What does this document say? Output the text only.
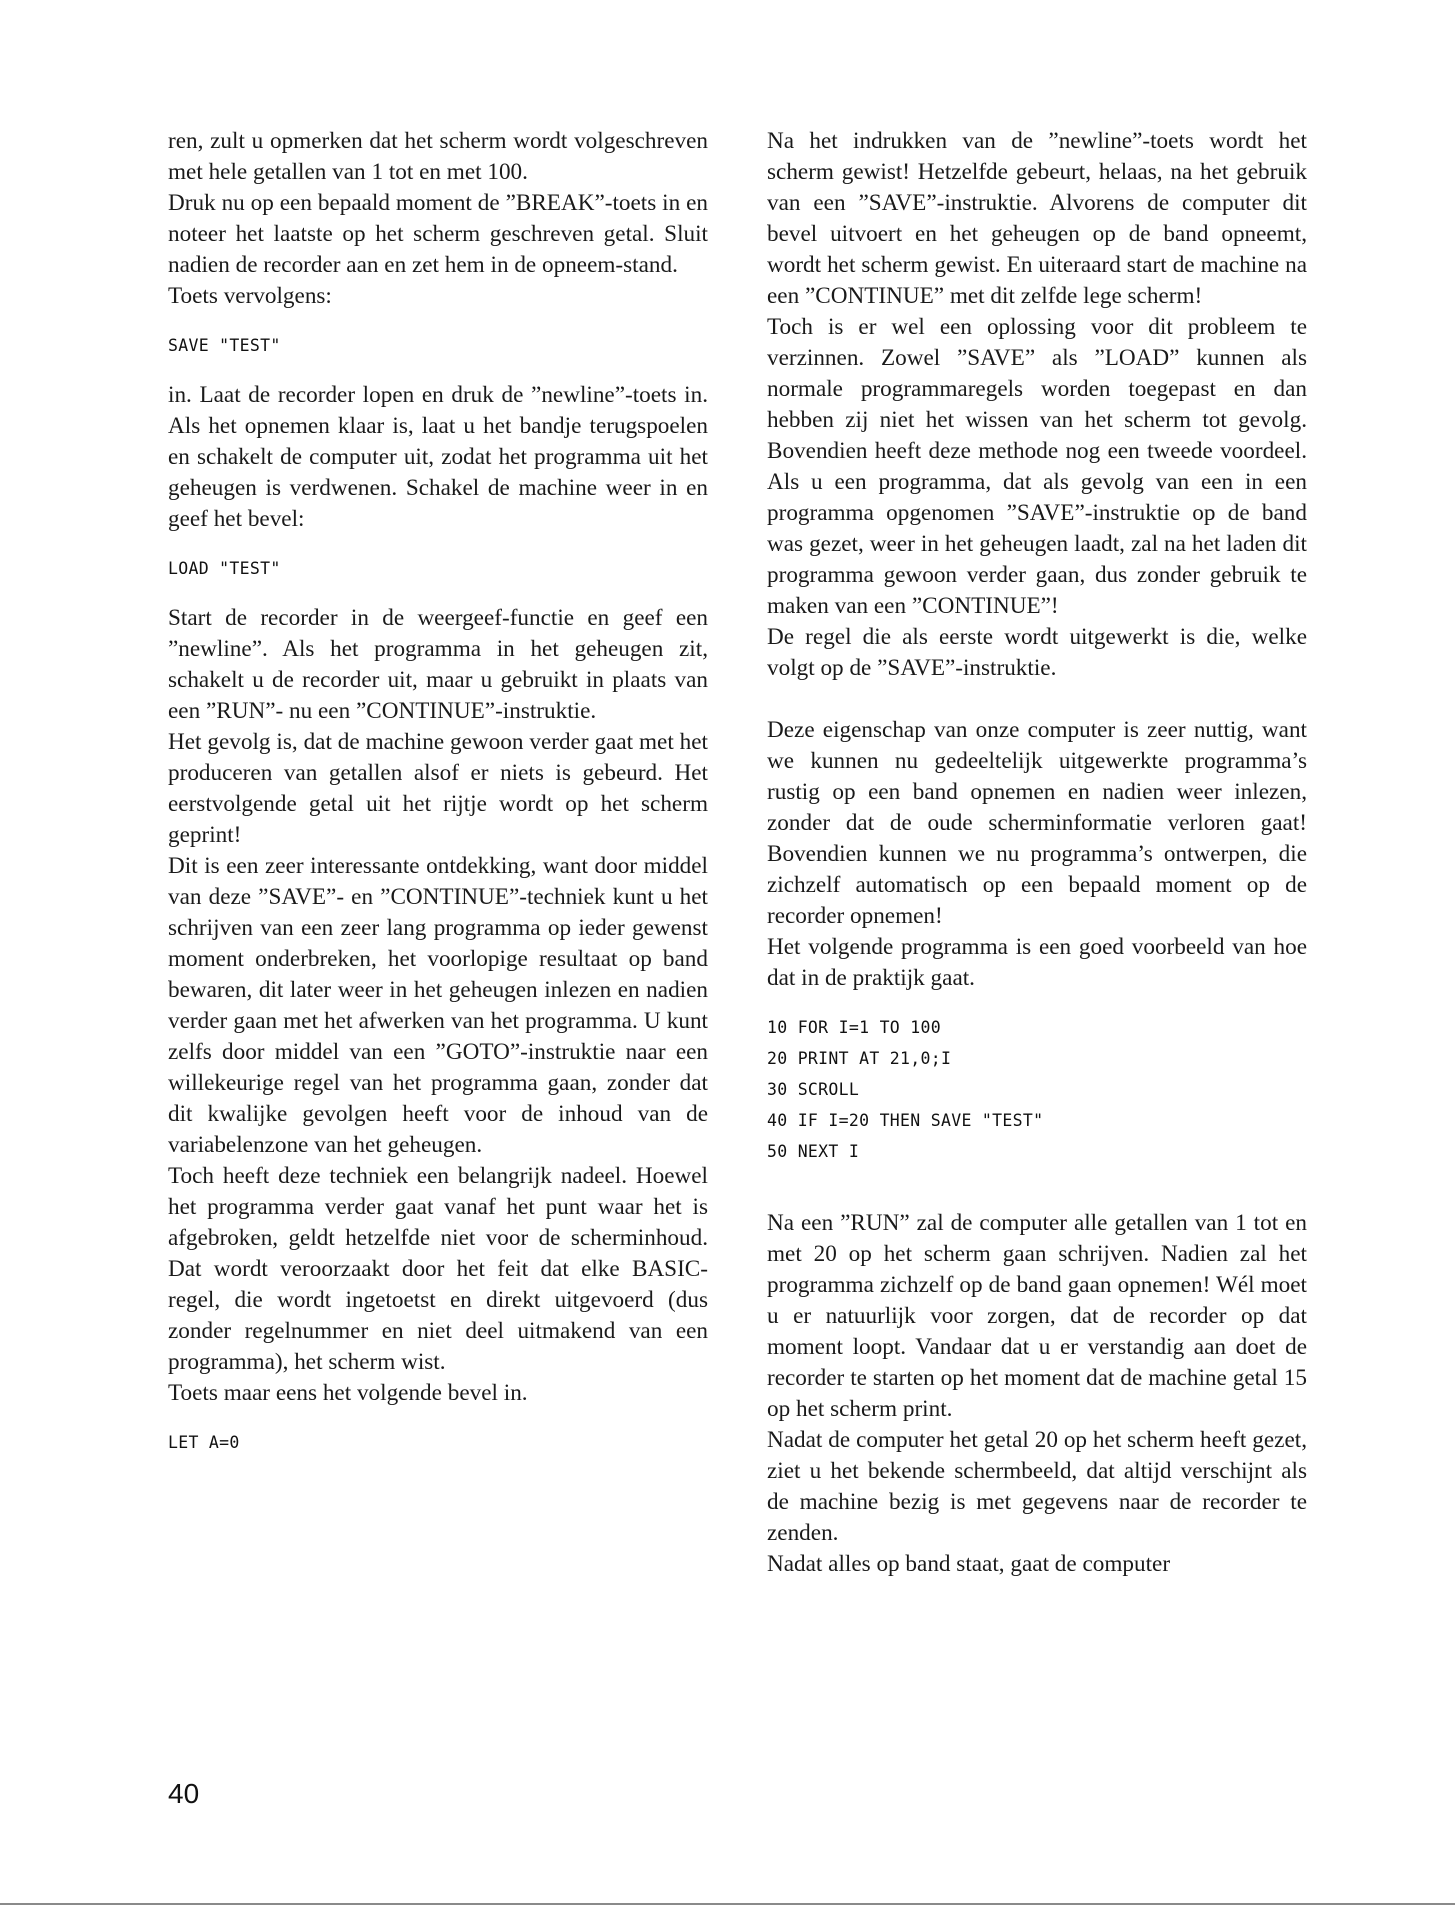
ren, zult u opmerken dat het scherm wordt volgeschreven met hele getallen van 1 tot en met 100.

Druk nu op een bepaald moment de ”BREAK”-toets in en noteer het laatste op het scherm geschreven getal. Sluit nadien de recorder aan en zet hem in de opneem-stand.

Toets vervolgens:

SAVE "TEST"

in. Laat de recorder lopen en druk de ”newline”-toets in. Als het opnemen klaar is, laat u het bandje terugspoelen en schakelt de computer uit, zodat het programma uit het geheugen is verdwenen. Schakel de machine weer in en geef het bevel:

LOAD "TEST"

Start de recorder in de weergeef-functie en geef een ”newline”. Als het programma in het geheugen zit, schakelt u de recorder uit, maar u gebruikt in plaats van een ”RUN”- nu een ”CONTINUE”-instruktie.

Het gevolg is, dat de machine gewoon verder gaat met het produceren van getallen alsof er niets is gebeurd. Het eerstvolgende getal uit het rijtje wordt op het scherm geprint!

Dit is een zeer interessante ontdekking, want door middel van deze ”SAVE”- en ”CONTINUE”-techniek kunt u het schrijven van een zeer lang programma op ieder gewenst moment onderbreken, het voorlopige resultaat op band bewaren, dit later weer in het geheugen inlezen en nadien verder gaan met het afwerken van het programma. U kunt zelfs door middel van een ”GOTO”-instruktie naar een willekeurige regel van het programma gaan, zonder dat dit kwalijke gevolgen heeft voor de inhoud van de variabelenzone van het geheugen.

Toch heeft deze techniek een belangrijk nadeel. Hoewel het programma verder gaat vanaf het punt waar het is afgebroken, geldt hetzelfde niet voor de scherminhoud. Dat wordt veroorzaakt door het feit dat elke BASIC-regel, die wordt ingetoetst en direkt uitgevoerd (dus zonder regelnummer en niet deel uitmakend van een programma), het scherm wist.

Toets maar eens het volgende bevel in.

LET A=0

Na het indrukken van de ”newline”-toets wordt het scherm gewist! Hetzelfde gebeurt, helaas, na het gebruik van een ”SAVE”-instruktie. Alvorens de computer dit bevel uitvoert en het geheugen op de band opneemt, wordt het scherm gewist. En uiteraard start de machine na een ”CONTINUE” met dit zelfde lege scherm!

Toch is er wel een oplossing voor dit probleem te verzinnen. Zowel ”SAVE” als ”LOAD” kunnen als normale programmaregels worden toegepast en dan hebben zij niet het wissen van het scherm tot gevolg. Bovendien heeft deze methode nog een tweede voordeel. Als u een programma, dat als gevolg van een in een programma opgenomen ”SAVE”-instruktie op de band was gezet, weer in het geheugen laadt, zal na het laden dit programma gewoon verder gaan, dus zonder gebruik te maken van een ”CONTINUE”!

De regel die als eerste wordt uitgewerkt is die, welke volgt op de ”SAVE”-instruktie.

Deze eigenschap van onze computer is zeer nuttig, want we kunnen nu gedeeltelijk uitgewerkte programma’s rustig op een band opnemen en nadien weer inlezen, zonder dat de oude scherminformatie verloren gaat! Bovendien kunnen we nu programma’s ontwerpen, die zichzelf automatisch op een bepaald moment op de recorder opnemen!

Het volgende programma is een goed voorbeeld van hoe dat in de praktijk gaat.

10 FOR I=1 TO 100

20 PRINT AT 21,0;I

30 SCROLL

40 IF I=20 THEN SAVE "TEST"

50 NEXT I

Na een ”RUN” zal de computer alle getallen van 1 tot en met 20 op het scherm gaan schrijven. Nadien zal het programma zichzelf op de band gaan opnemen! Wél moet u er natuurlijk voor zorgen, dat de recorder op dat moment loopt. Vandaar dat u er verstandig aan doet de recorder te starten op het moment dat de machine getal 15 op het scherm print.

Nadat de computer het getal 20 op het scherm heeft gezet, ziet u het bekende schermbeeld, dat altijd verschijnt als de machine bezig is met gegevens naar de recorder te zenden.

Nadat alles op band staat, gaat de computer

40
